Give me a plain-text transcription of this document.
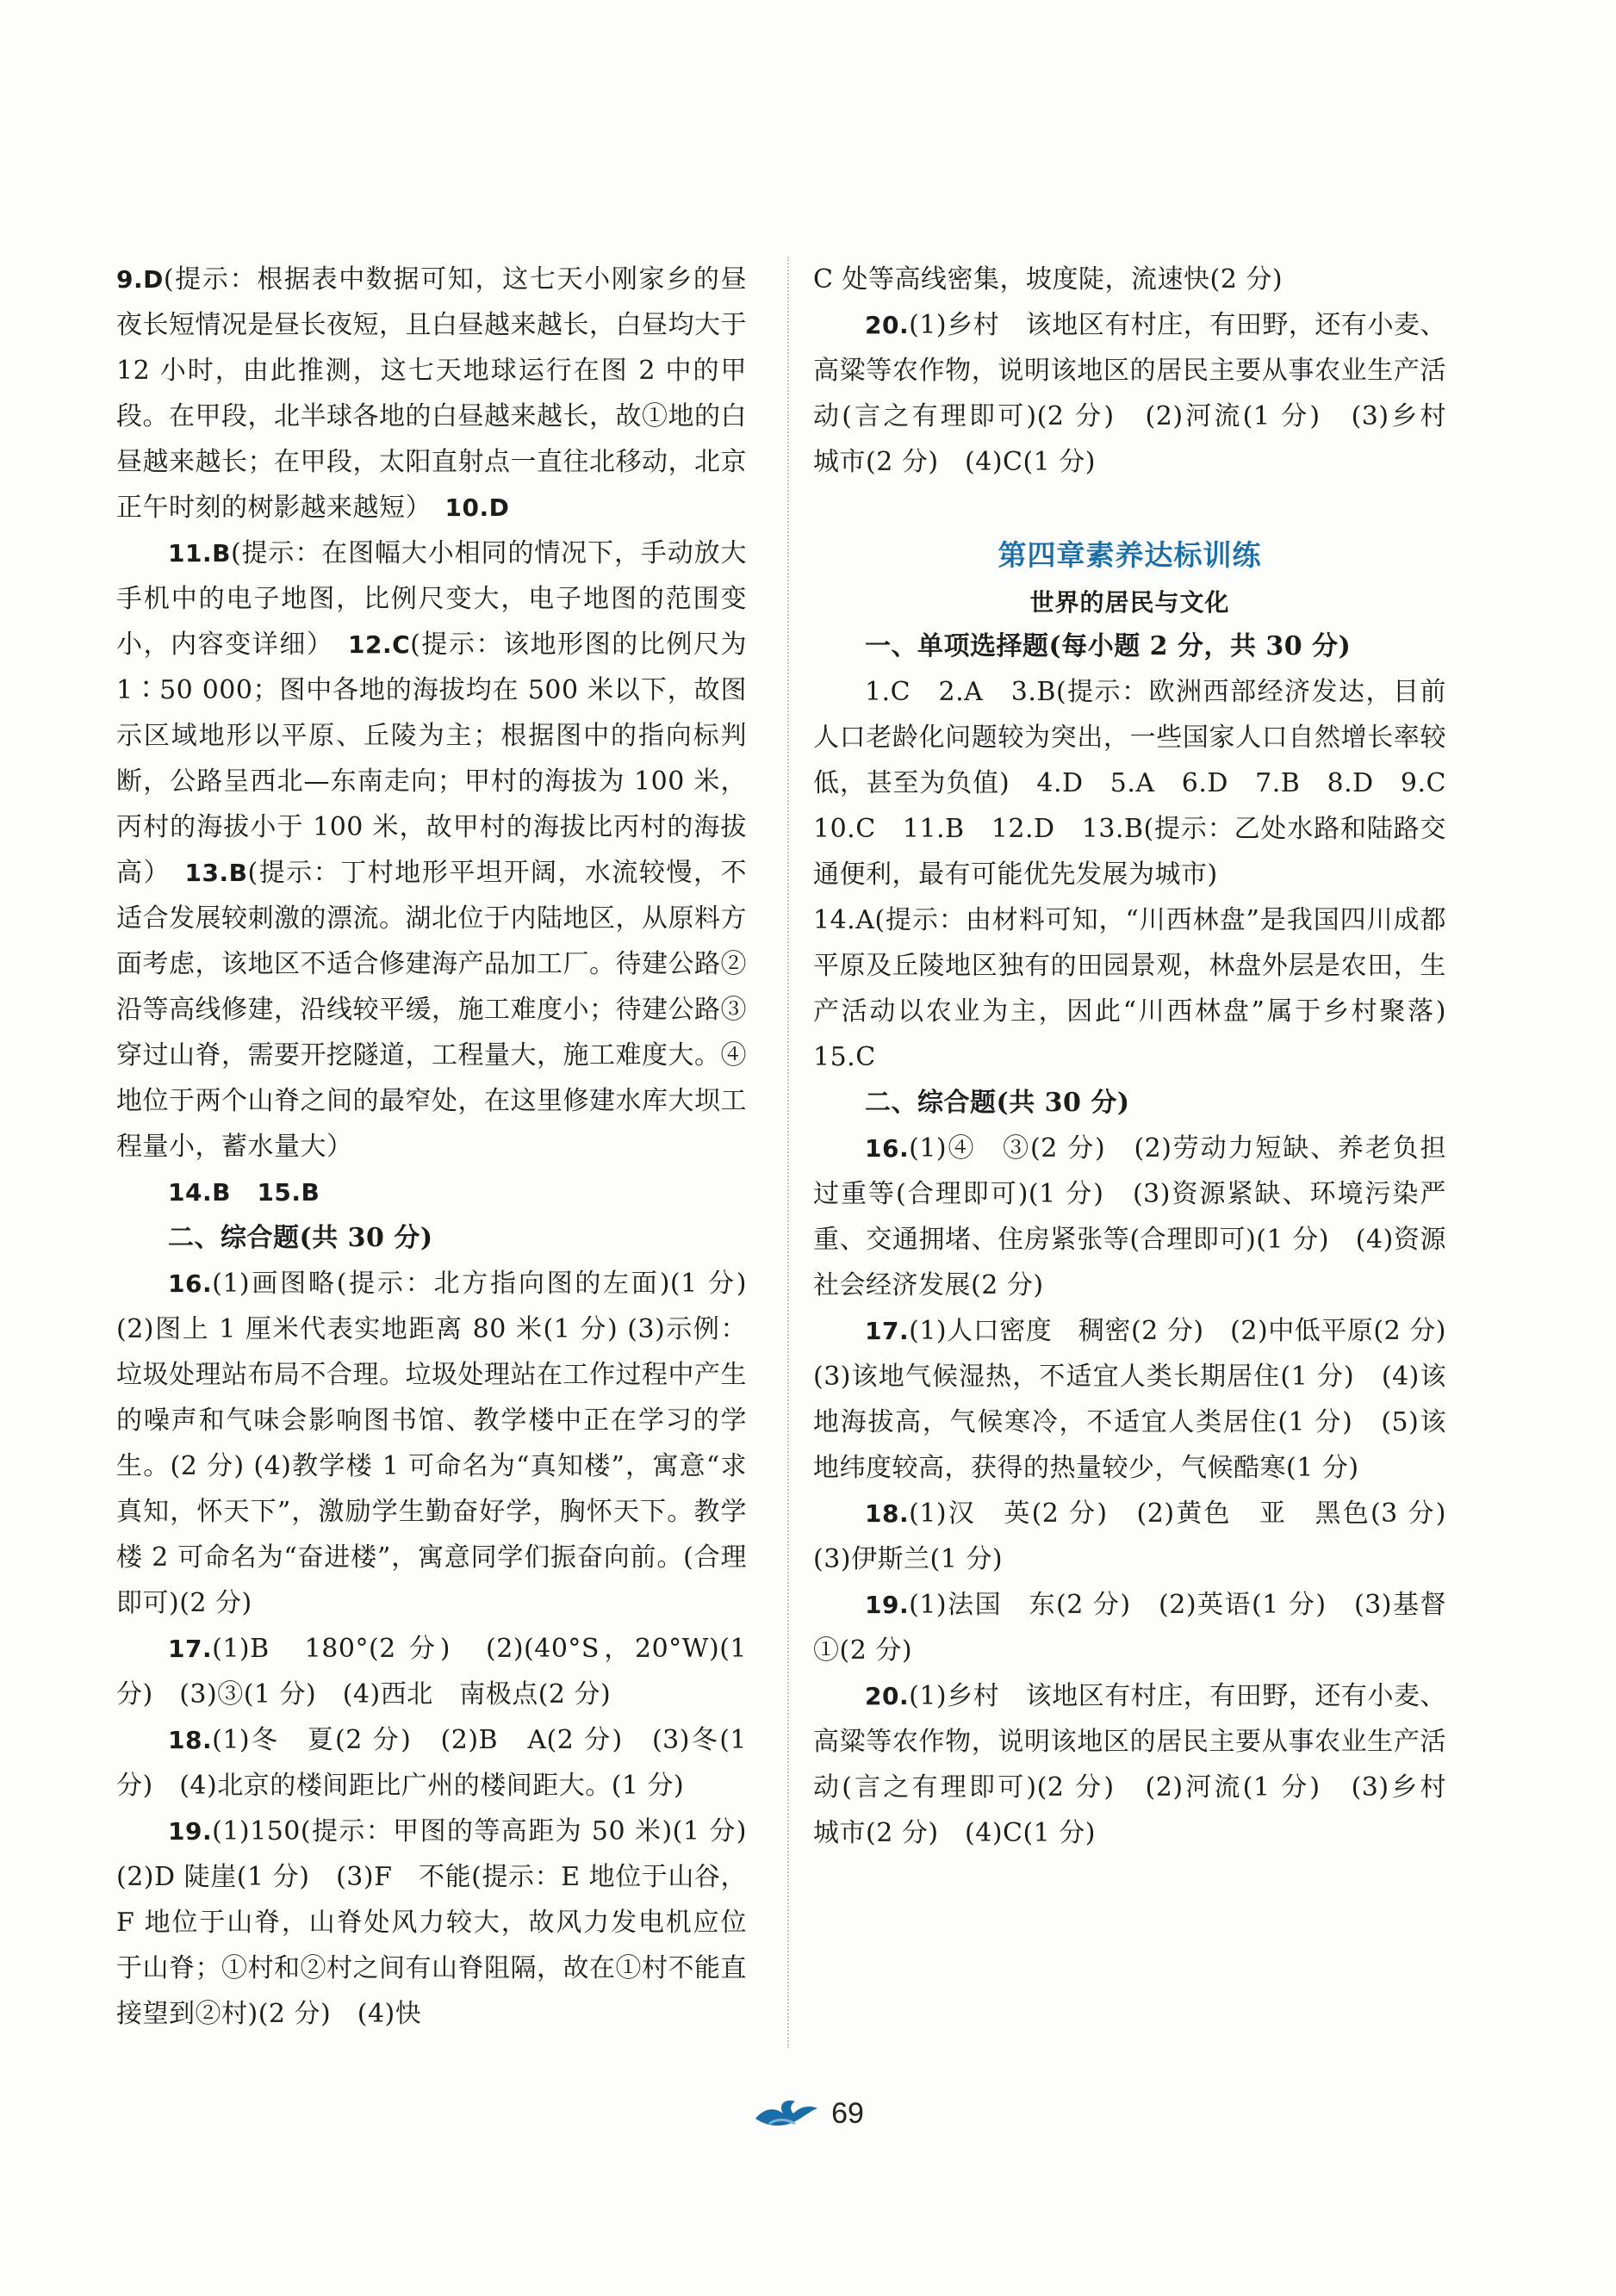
9.D(提示：根据表中数据可知，这七天小刚家乡的昼夜长短情况是昼长夜短，且白昼越来越长，白昼均大于 12 小时，由此推测，这七天地球运行在图 2 中的甲段。在甲段，北半球各地的白昼越来越长，故①地的白昼越来越长；在甲段，太阳直射点一直往北移动，北京正午时刻的树影越来越短）　 10.D

11.B(提示：在图幅大小相同的情况下，手动放大手机中的电子地图，比例尺变大，电子地图的范围变小，内容变详细）　 12.C(提示：该地形图的比例尺为 1∶50 000；图中各地的海拔均在 500 米以下，故图示区域地形以平原、丘陵为主；根据图中的指向标判断，公路呈西北—东南走向；甲村的海拔为 100 米，丙村的海拔小于 100 米，故甲村的海拔比丙村的海拔高）　 13.B(提示：丁村地形平坦开阔，水流较慢，不适合发展较刺激的漂流。湖北位于内陆地区，从原料方面考虑，该地区不适合修建海产品加工厂。待建公路②沿等高线修建，沿线较平缓，施工难度小；待建公路③穿过山脊，需要开挖隧道，工程量大，施工难度大。④地位于两个山脊之间的最窄处，在这里修建水库大坝工程量小，蓄水量大）

14.B　 15.B

二、综合题(共 30 分)

16.(1)画图略(提示：北方指向图的左面)(1 分) (2)图上 1 厘米代表实地距离 80 米(1 分) (3)示例：垃圾处理站布局不合理。垃圾处理站在工作过程中产生的噪声和气味会影响图书馆、教学楼中正在学习的学生。(2 分) (4)教学楼 1 可命名为“真知楼”，寓意“求真知，怀天下”，激励学生勤奋好学，胸怀天下。教学楼 2 可命名为“奋进楼”，寓意同学们振奋向前。(合理即可)(2 分)

17.(1)B　180°(2 分)　(2)(40°S，20°W)(1 分)　(3)③(1 分)　(4)西北　南极点(2 分)

18.(1)冬　夏(2 分)　(2)B　A(2 分)　(3)冬(1 分)　(4)北京的楼间距比广州的楼间距大。(1 分)

19.(1)150(提示：甲图的等高距为 50 米)(1 分)　(2)D 陡崖(1 分)　(3)F　不能(提示：E 地位于山谷，F 地位于山脊，山脊处风力较大，故风力发电机应位于山脊；①村和②村之间有山脊阻隔，故在①村不能直接望到②村)(2 分)　(4)快

C 处等高线密集，坡度陡，流速快(2 分)

20.(1)乡村　该地区有村庄，有田野，还有小麦、高粱等农作物，说明该地区的居民主要从事农业生产活动(言之有理即可)(2 分)　(2)河流(1 分)　(3)乡村　城市(2 分)　(4)C(1 分)

第四章素养达标训练
世界的居民与文化

一、单项选择题(每小题 2 分，共 30 分)

1.C　2.A　3.B(提示：欧洲西部经济发达，目前人口老龄化问题较为突出，一些国家人口自然增长率较低，甚至为负值)　4.D　5.A　6.D　7.B　8.D　9.C　10.C　11.B　12.D　13.B(提示：乙处水路和陆路交通便利，最有可能优先发展为城市)

14.A(提示：由材料可知，“川西林盘”是我国四川成都平原及丘陵地区独有的田园景观，林盘外层是农田，生产活动以农业为主，因此“川西林盘”属于乡村聚落)　15.C

二、综合题(共 30 分)

16.(1)④　③(2 分)　(2)劳动力短缺、养老负担过重等(合理即可)(1 分)　(3)资源紧缺、环境污染严重、交通拥堵、住房紧张等(合理即可)(1 分)　(4)资源　社会经济发展(2 分)

17.(1)人口密度　稠密(2 分)　(2)中低平原(2 分)　(3)该地气候湿热，不适宜人类长期居住(1 分)　(4)该地海拔高，气候寒冷，不适宜人类居住(1 分)　(5)该地纬度较高，获得的热量较少，气候酷寒(1 分)

18.(1)汉　英(2 分)　(2)黄色　亚　黑色(3 分)　(3)伊斯兰(1 分)

19.(1)法国　东(2 分)　(2)英语(1 分)　(3)基督　①(2 分)

20.(1)乡村　该地区有村庄，有田野，还有小麦、高粱等农作物，说明该地区的居民主要从事农业生产活动(言之有理即可)(2 分)　(2)河流(1 分)　(3)乡村　城市(2 分)　(4)C(1 分)

69
